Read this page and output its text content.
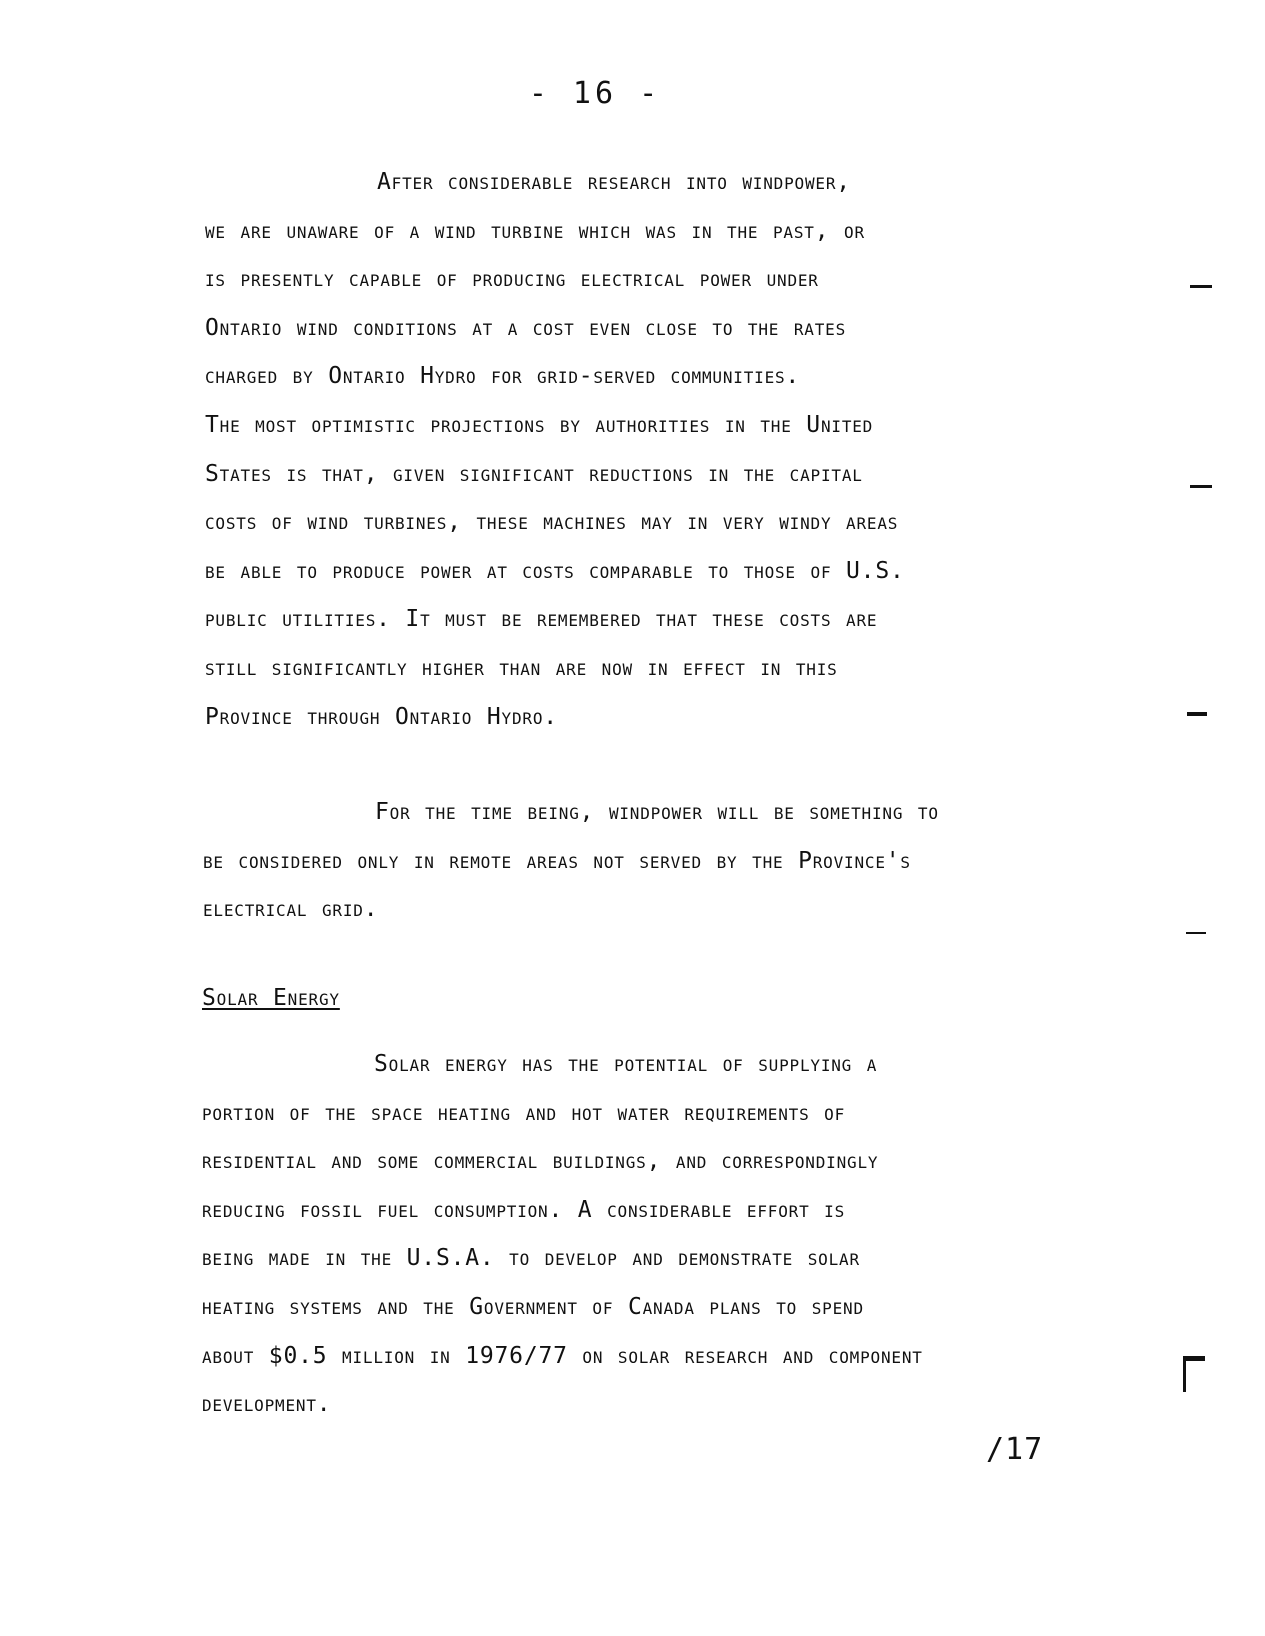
- 16 -

After considerable research into windpower,
we are unaware of a wind turbine which was in the past, or
is presently capable of producing electrical power under
Ontario wind conditions at a cost even close to the rates
charged by Ontario Hydro for grid-served communities.
The most optimistic projections by authorities in the United
States is that, given significant reductions in the capital
costs of wind turbines, these machines may in very windy areas
be able to produce power at costs comparable to those of U.S.
public utilities. It must be remembered that these costs are
still significantly higher than are now in effect in this
Province through Ontario Hydro.

For the time being, windpower will be something to
be considered only in remote areas not served by the Province's
electrical grid.

Solar Energy

Solar energy has the potential of supplying a
portion of the space heating and hot water requirements of
residential and some commercial buildings, and correspondingly
reducing fossil fuel consumption. A considerable effort is
being made in the U.S.A. to develop and demonstrate solar
heating systems and the Government of Canada plans to spend
about $0.5 million in 1976/77 on solar research and component
development.

/17
